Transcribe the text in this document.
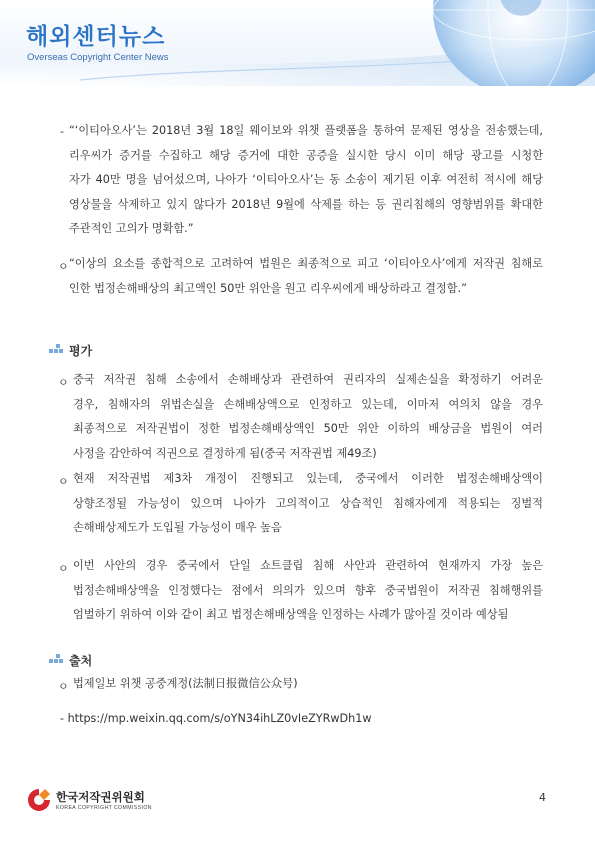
해외센터뉴스
Overseas Copyright Center News
- “‘이티아오사’는 2018년 3월 18일 웨이보와 위챗 플랫폼을 통하여 문제된 영상을 전송했는데,
리우씨가 증거를 수집하고 해당 증거에 대한 공증을 실시한 당시 이미 해당 광고를 시청한
자가 40만 명을 넘어섰으며, 나아가 ‘이티아오사’는 동 소송이 제기된 이후 여전히 적시에 해당
영상물을 삭제하고 있지 않다가 2018년 9월에 삭제를 하는 등 권리침해의 영향범위를 확대한
주관적인 고의가 명확함.”
ㅇ “이상의 요소를 종합적으로 고려하여 법원은 최종적으로 피고 ‘이티아오사’에게 저작권 침해로
인한 법정손해배상의 최고액인 50만 위안을 원고 리우씨에게 배상하라고 결정함.”
평가
ㅇ 중국 저작권 침해 소송에서 손해배상과 관련하여 권리자의 실제손실을 확정하기 어려운
경우, 침해자의 위법손실을 손해배상액으로 인정하고 있는데, 이마저 여의치 않을 경우
최종적으로 저작권법이 정한 법정손해배상액인 50만 위안 이하의 배상금을 법원이 여러
사정을 감안하여 직권으로 결정하게 됨(중국 저작권법 제49조)
ㅇ 현재 저작권법 제3차 개정이 진행되고 있는데, 중국에서 이러한 법정손해배상액이
상향조정될 가능성이 있으며 나아가 고의적이고 상습적인 침해자에게 적용되는 징벌적
손해배상제도가 도입될 가능성이 매우 높음
ㅇ 이번 사안의 경우 중국에서 단일 쇼트클립 침해 사안과 관련하여 현재까지 가장 높은
법정손해배상액을 인정했다는 점에서 의의가 있으며 향후 중국법원이 저작권 침해행위를
엄벌하기 위하여 이와 같이 최고 법정손해배상액을 인정하는 사례가 많아질 것이라 예상됨
출처
ㅇ 법제일보 위챗 공중계정(法制日报微信公众号)
- https://mp.weixin.qq.com/s/oYN34ihLZ0vIeZYRwDh1w
한국저작권위원회
KOREA COPYRIGHT COMMISSION
4
